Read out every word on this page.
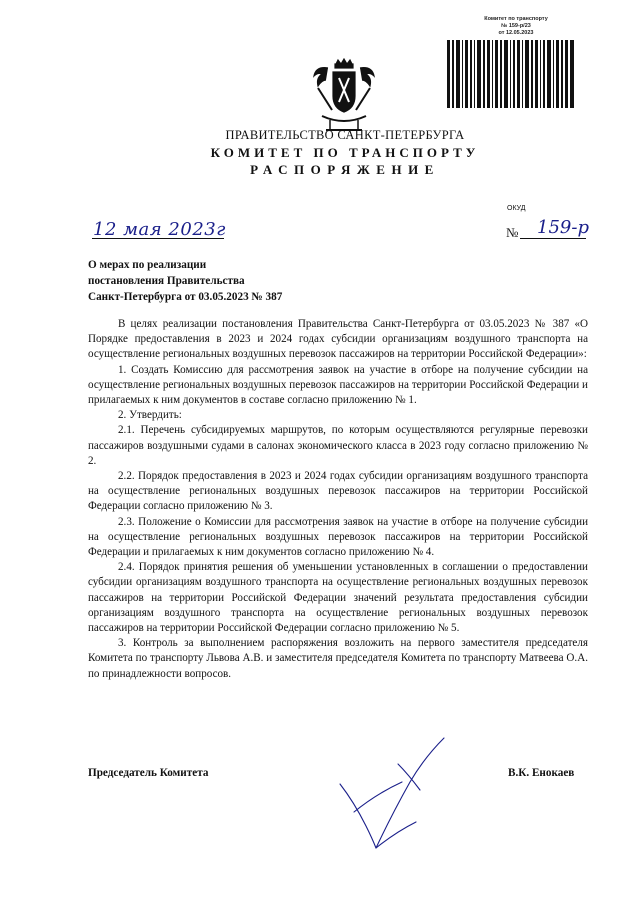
Комитет по транспорту
№ 159-р/23
от 12.05.2023
ПРАВИТЕЛЬСТВО САНКТ-ПЕТЕРБУРГА
КОМИТЕТ ПО ТРАНСПОРТУ
РАСПОРЯЖЕНИЕ
ОКУД
12 мая 2023г	№ 159-р
О мерах по реализации
постановления Правительства
Санкт-Петербурга от 03.05.2023 № 387

В целях реализации постановления Правительства Санкт-Петербурга от 03.05.2023 № 387 «О Порядке предоставления в 2023 и 2024 годах субсидии организациям воздушного транспорта на осуществление региональных воздушных перевозок пассажиров на территории Российской Федерации»:

1. Создать Комиссию для рассмотрения заявок на участие в отборе на получение субсидии на осуществление региональных воздушных перевозок пассажиров на территории Российской Федерации и прилагаемых к ним документов в составе согласно приложению № 1.

2. Утвердить:

2.1. Перечень субсидируемых маршрутов, по которым осуществляются регулярные перевозки пассажиров воздушными судами в салонах экономического класса в 2023 году согласно приложению № 2.

2.2. Порядок предоставления в 2023 и 2024 годах субсидии организациям воздушного транспорта на осуществление региональных воздушных перевозок пассажиров на территории Российской Федерации согласно приложению № 3.

2.3. Положение о Комиссии для рассмотрения заявок на участие в отборе на получение субсидии на осуществление региональных воздушных перевозок пассажиров на территории Российской Федерации и прилагаемых к ним документов согласно приложению № 4.

2.4. Порядок принятия решения об уменьшении установленных в соглашении о предоставлении субсидии организациям воздушного транспорта на осуществление региональных воздушных перевозок пассажиров на территории Российской Федерации значений результата предоставления субсидии организациям воздушного транспорта на осуществление региональных воздушных перевозок пассажиров на территории Российской Федерации согласно приложению № 5.

3. Контроль за выполнением распоряжения возложить на первого заместителя председателя Комитета по транспорту Львова А.В. и заместителя председателя Комитета по транспорту Матвеева О.А. по принадлежности вопросов.

Председатель Комитета	В.К. Енокаев
